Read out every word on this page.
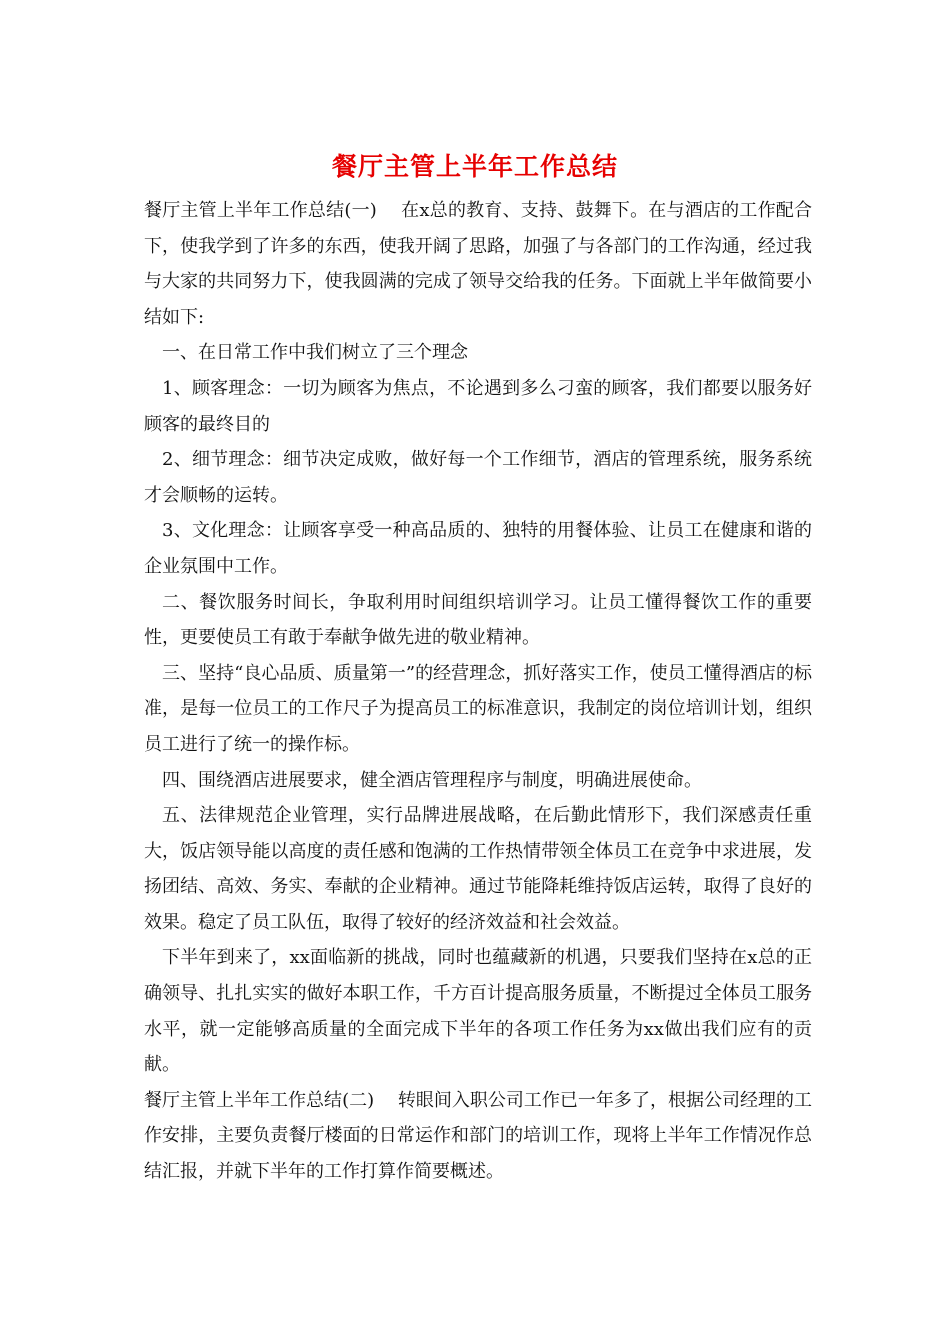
餐厅主管上半年工作总结

餐厅主管上半年工作总结(一)　 在x总的教育、支持、鼓舞下。在与酒店的工作配合下，使我学到了许多的东西，使我开阔了思路，加强了与各部门的工作沟通，经过我与大家的共同努力下，使我圆满的完成了领导交给我的任务。下面就上半年做简要小结如下:

一、在日常工作中我们树立了三个理念

1、顾客理念：一切为顾客为焦点，不论遇到多么刁蛮的顾客，我们都要以服务好顾客的最终目的

2、细节理念：细节决定成败，做好每一个工作细节，酒店的管理系统，服务系统才会顺畅的运转。

3、文化理念：让顾客享受一种高品质的、独特的用餐体验、让员工在健康和谐的企业氛围中工作。

二、餐饮服务时间长，争取利用时间组织培训学习。让员工懂得餐饮工作的重要性，更要使员工有敢于奉献争做先进的敬业精神。

三、坚持“良心品质、质量第一”的经营理念，抓好落实工作，使员工懂得酒店的标准，是每一位员工的工作尺子为提高员工的标准意识，我制定的岗位培训计划，组织员工进行了统一的操作标。

四、围绕酒店进展要求，健全酒店管理程序与制度，明确进展使命。

五、法律规范企业管理，实行品牌进展战略，在后勤此情形下，我们深感责任重大，饭店领导能以高度的责任感和饱满的工作热情带领全体员工在竞争中求进展，发扬团结、高效、务实、奉献的企业精神。通过节能降耗维持饭店运转，取得了良好的效果。稳定了员工队伍，取得了较好的经济效益和社会效益。

下半年到来了，xx面临新的挑战，同时也蕴藏新的机遇，只要我们坚持在x总的正确领导、扎扎实实的做好本职工作，千方百计提高服务质量，不断提过全体员工服务水平，就一定能够高质量的全面完成下半年的各项工作任务为xx做出我们应有的贡献。

餐厅主管上半年工作总结(二)　 转眼间入职公司工作已一年多了，根据公司经理的工作安排，主要负责餐厅楼面的日常运作和部门的培训工作，现将上半年工作情况作总结汇报，并就下半年的工作打算作简要概述。
